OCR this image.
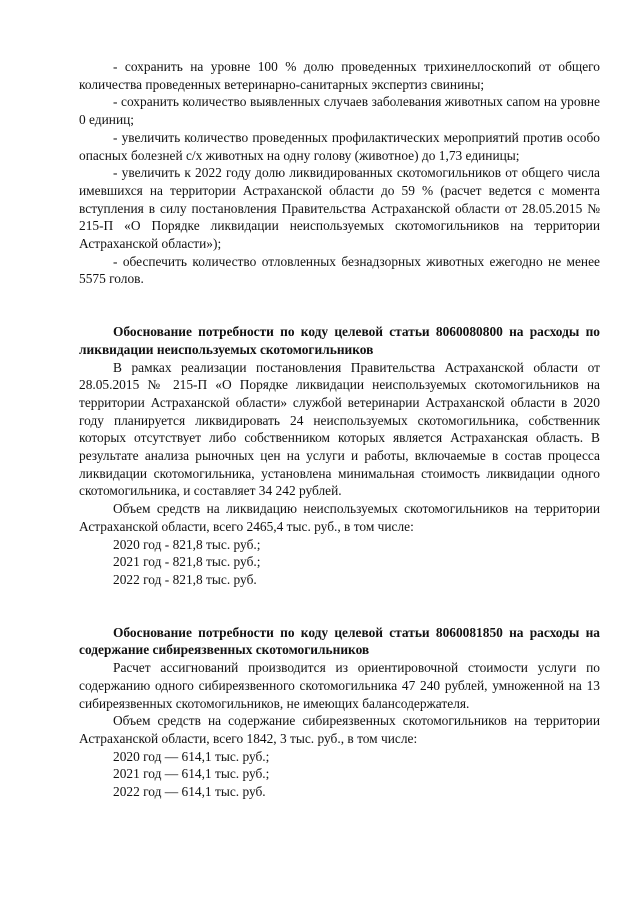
- сохранить на уровне 100 % долю проведенных трихинеллоскопий от общего количества проведенных ветеринарно-санитарных экспертиз свинины;

- сохранить количество выявленных случаев заболевания животных сапом на уровне 0 единиц;

- увеличить количество проведенных профилактических мероприятий против особо опасных болезней с/х животных на одну голову (животное) до 1,73 единицы;

- увеличить к 2022 году долю ликвидированных скотомогильников от общего числа имевшихся на территории Астраханской области до 59 % (расчет ведется с момента вступления в силу постановления Правительства Астраханской области от 28.05.2015 № 215-П «О Порядке ликвидации неиспользуемых скотомогильников на территории Астраханской области»);

- обеспечить количество отловленных безнадзорных животных ежегодно не менее 5575 голов.

Обоснование потребности по коду целевой статьи 8060080800 на расходы по ликвидации неиспользуемых скотомогильников

В рамках реализации постановления Правительства Астраханской области от 28.05.2015 № 215-П «О Порядке ликвидации неиспользуемых скотомогильников на территории Астраханской области» службой ветеринарии Астраханской области в 2020 году планируется ликвидировать 24 неиспользуемых скотомогильника, собственник которых отсутствует либо собственником которых является Астраханская область. В результате анализа рыночных цен на услуги и работы, включаемые в состав процесса ликвидации скотомогильника, установлена минимальная стоимость ликвидации одного скотомогильника, и составляет 34 242 рублей.

Объем средств на ликвидацию неиспользуемых скотомогильников на территории Астраханской области, всего 2465,4 тыс. руб., в том числе:

2020 год - 821,8 тыс. руб.;

2021 год - 821,8 тыс. руб.;

2022 год - 821,8 тыс. руб.

Обоснование потребности по коду целевой статьи 8060081850 на расходы на содержание сибиреязвенных скотомогильников

Расчет ассигнований производится из ориентировочной стоимости услуги по содержанию одного сибиреязвенного скотомогильника 47 240 рублей, умноженной на 13 сибиреязвенных скотомогильников, не имеющих балансодержателя.

Объем средств на содержание сибиреязвенных скотомогильников на территории Астраханской области, всего 1842, 3 тыс. руб., в том числе:

2020 год — 614,1 тыс. руб.;

2021 год — 614,1 тыс. руб.;

2022 год — 614,1 тыс. руб.
